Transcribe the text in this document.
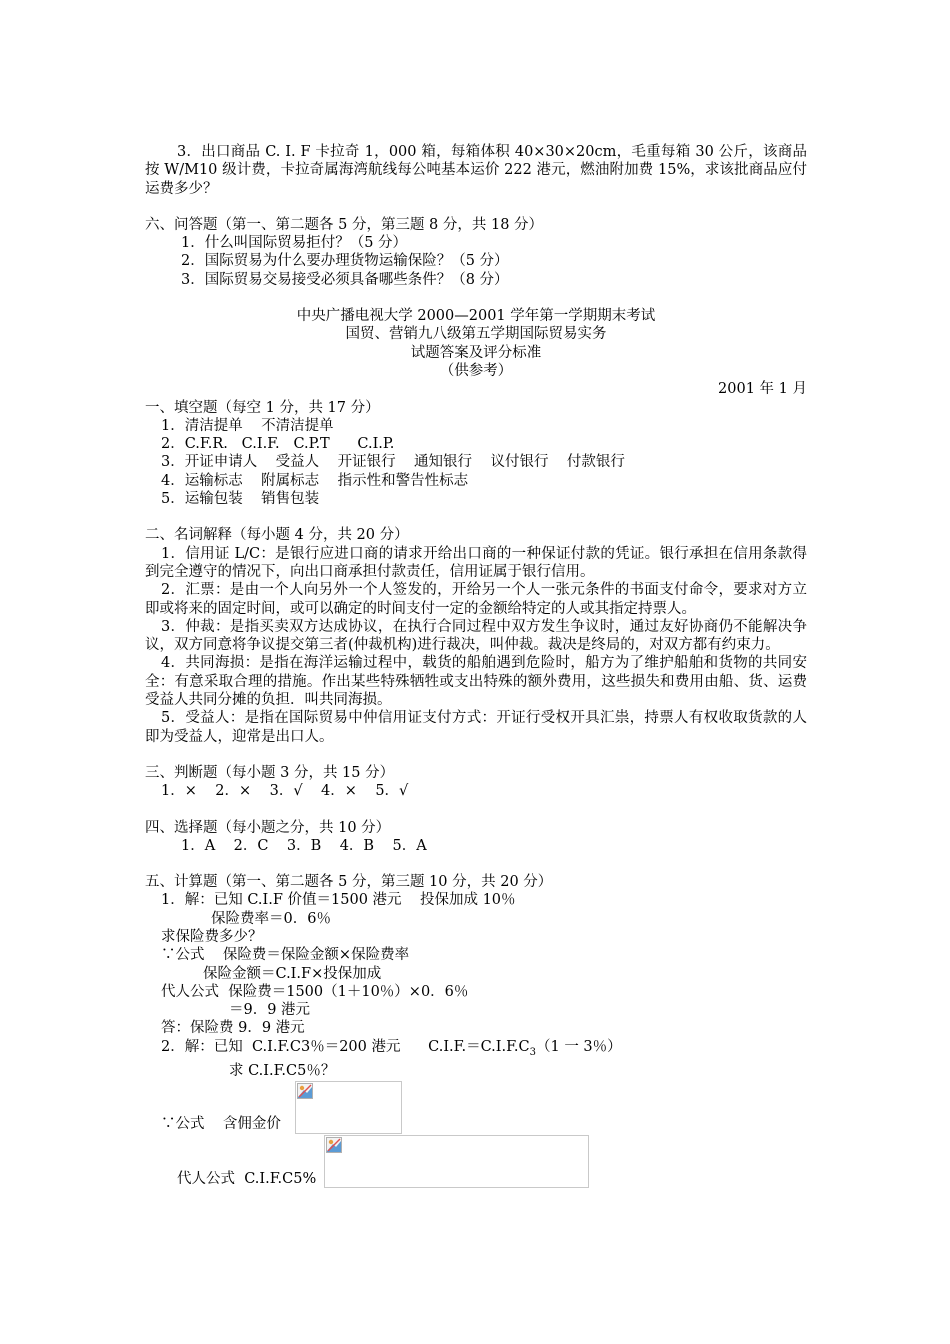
3．出口商品 C. I. F 卡拉奇 1，000 箱，每箱体积 40×30×20cm，毛重每箱 30 公斤，该商品按 W/M10 级计费，卡拉奇属海湾航线每公吨基本运价 222 港元，燃油附加费 15%，求该批商品应付运费多少？

六、问答题（第一、第二题各 5 分，第三题 8 分，共 18 分）

1．什么叫国际贸易拒付？（5 分）

2．国际贸易为什么要办理货物运输保险？（5 分）

3．国际贸易交易接受必须具备哪些条件？（8 分）

中央广播电视大学 2000—2001 学年第一学期期末考试

国贸、营销九八级第五学期国际贸易实务

试题答案及评分标准

（供参考）

2001 年 1 月

一、填空题（每空 1 分，共 17 分）

1．清洁提单    不清洁提单

2．C.F.R.   C.I.F.   C.P.T      C.I.P.

3．开证申请人    受益人    开证银行    通知银行    议付银行    付款银行

4．运输标志    附属标志    指示性和警告性标志

5．运输包装    销售包装

二、名词解释（每小题 4 分，共 20 分）

1．信用证 L/C：是银行应进口商的请求开给出口商的一种保证付款的凭证。银行承担在信用条款得到完全遵守的情况下，向出口商承担付款责任，信用证属于银行信用。

2．汇票：是由一个人向另外一个人签发的，开给另一个人一张元条件的书面支付命令，要求对方立即或将来的固定时间，或可以确定的时间支付一定的金额给特定的人或其指定持票人。

3．仲裁：是指买卖双方达成协议，在执行合同过程中双方发生争议时，通过友好协商仍不能解决争议，双方同意将争议提交第三者(仲裁机构)进行裁决，叫仲裁。裁决是终局的，对双方都有约束力。

4．共同海损：是指在海洋运输过程中，载货的船舶遇到危险时，船方为了维护船舶和货物的共同安全：有意采取合理的措施。作出某些特殊牺牲或支出特殊的额外费用，这些损失和费用由船、货、运费受益人共同分摊的负担．叫共同海损。

5．受益人：是指在国际贸易中仲信用证支付方式：开证行受权开具汇祟，持票人有权收取货款的人即为受益人，迎常是出口人。

三、判断题（每小题 3 分，共 15 分）

1．×    2．×    3．√    4．×    5．√

四、选择题（每小题之分，共 10 分）

1．A    2．C    3．B    4．B    5．A

五、计算题（第一、第二题各 5 分，第三题 10 分，共 20 分）

1．解：已知 C.I.F 价值＝1500 港元    投保加成 10％

保险费率＝0．6％

求保险费多少？

∵公式    保险费＝保险金额×保险费率

保险金额＝C.I.F×投保加成

代人公式  保险费＝1500（1＋10％）×0．6％

＝9．9 港元

答：保险费 9．9 港元

2．解：已知  C.I.F.C3％＝200 港元      $C.I.F.=C.I.F.C_3(1$ 一 3％）

求 C.I.F.C5％？

∵公式    含佣金价
代人公式  C.I.F.C5%
